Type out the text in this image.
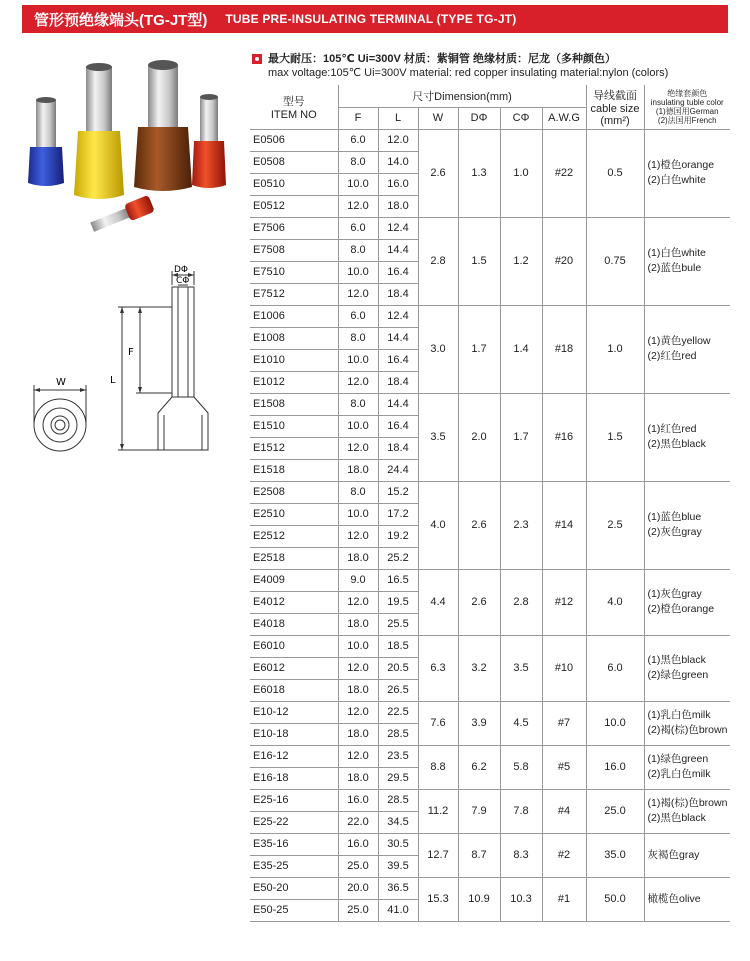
管形预绝缘端头(TG-JT型) TUBE PRE-INSULATING TERMINAL (TYPE TG-JT)
最大耐压：105℃ Ui=300V 材质：紫铜管 绝缘材质：尼龙（多种颜色）
max voltage:105℃ Ui=300V material: red copper insulating material:nylon (colors)
DΦ
CΦ
F
L
W
型号
ITEM NO	尺寸Dimension(mm)						导线截面
cable size
(mm²)	绝缘套颜色
insulating tuble color
(1)德国用German
(2)法国用French

	F	L	W	DΦ	CΦ	A.W.G		
E0506	6.0	12.0	2.6	1.3	1.0	#22	0.5	(1)橙色orange
(2)白色white

E0508	8.0	14.0						
E0510	10.0	16.0						
E0512	12.0	18.0						
E7506	6.0	12.4	2.8	1.5	1.2	#20	0.75	(1)白色white
(2)蓝色bule

E7508	8.0	14.4						
E7510	10.0	16.4						
E7512	12.0	18.4						
E1006	6.0	12.4	3.0	1.7	1.4	#18	1.0	(1)黄色yellow
(2)红色red

E1008	8.0	14.4						
E1010	10.0	16.4						
E1012	12.0	18.4						
E1508	8.0	14.4	3.5	2.0	1.7	#16	1.5	(1)红色red
(2)黑色black

E1510	10.0	16.4						
E1512	12.0	18.4						
E1518	18.0	24.4						
E2508	8.0	15.2	4.0	2.6	2.3	#14	2.5	(1)蓝色blue
(2)灰色gray

E2510	10.0	17.2						
E2512	12.0	19.2						
E2518	18.0	25.2						
E4009	9.0	16.5	4.4	2.6	2.8	#12	4.0	(1)灰色gray
(2)橙色orange

E4012	12.0	19.5						
E4018	18.0	25.5						
E6010	10.0	18.5	6.3	3.2	3.5	#10	6.0	(1)黑色black
(2)绿色green

E6012	12.0	20.5						
E6018	18.0	26.5						
E10-12	12.0	22.5	7.6	3.9	4.5	#7	10.0	(1)乳白色milk
(2)褐(棕)色brown

E10-18	18.0	28.5						
E16-12	12.0	23.5	8.8	6.2	5.8	#5	16.0	(1)绿色green
(2)乳白色milk

E16-18	18.0	29.5						
E25-16	16.0	28.5	11.2	7.9	7.8	#4	25.0	(1)褐(棕)色brown
(2)黑色black

E25-22	22.0	34.5						
E35-16	16.0	30.5	12.7	8.7	8.3	#2	35.0	灰褐色gray

E35-25	25.0	39.5						
E50-20	20.0	36.5	15.3	10.9	10.3	#1	50.0	橄榄色olive

E50-25	25.0	41.0						
